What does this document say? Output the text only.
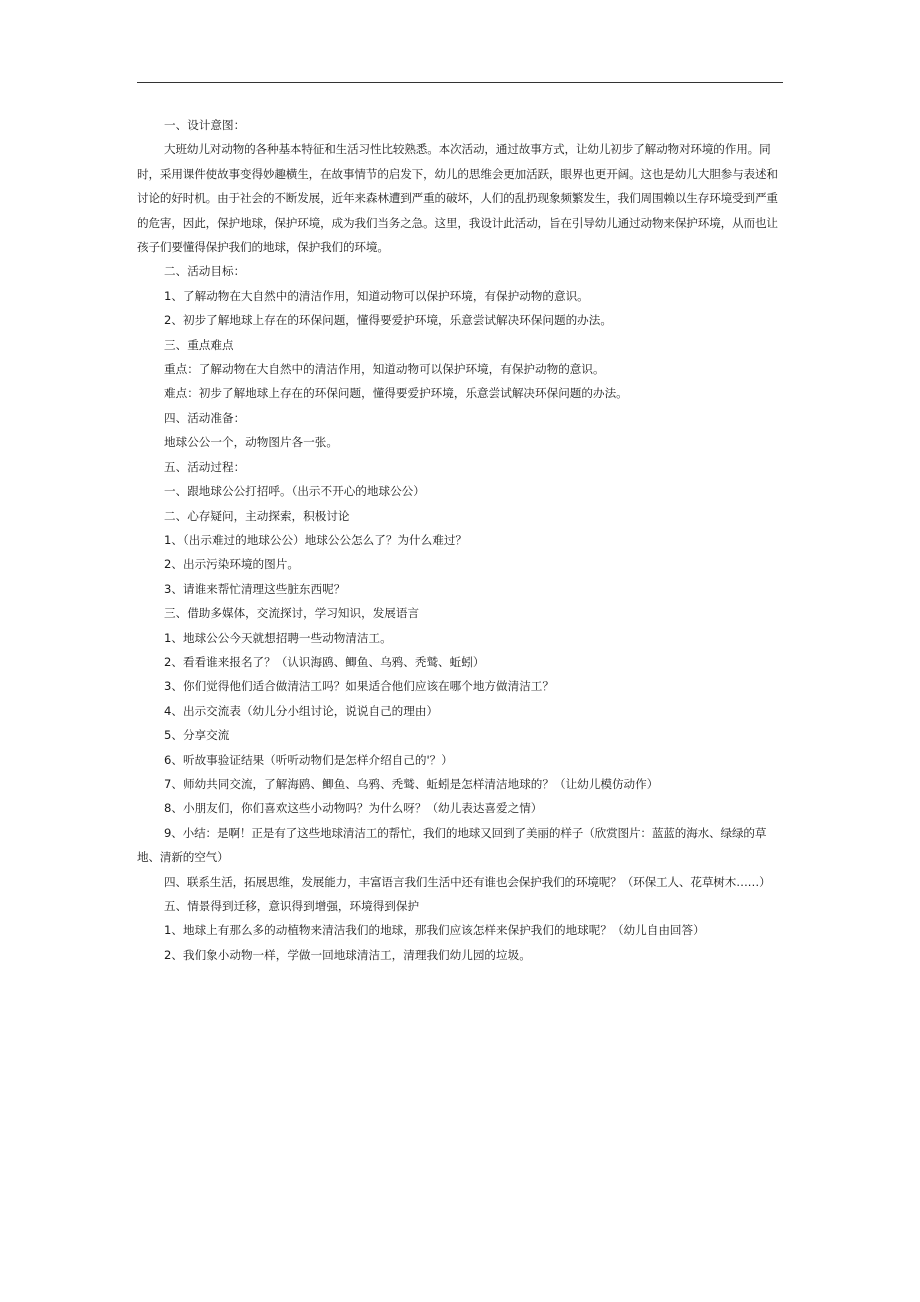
一、设计意图：

大班幼儿对动物的各种基本特征和生活习性比较熟悉。本次活动，通过故事方式，让幼儿初步了解动物对环境的作用。同时，采用课件使故事变得妙趣横生，在故事情节的启发下，幼儿的思维会更加活跃，眼界也更开阔。这也是幼儿大胆参与表述和讨论的好时机。由于社会的不断发展，近年来森林遭到严重的破坏，人们的乱扔现象频繁发生，我们周围赖以生存环境受到严重的危害，因此，保护地球，保护环境，成为我们当务之急。这里，我设计此活动，旨在引导幼儿通过动物来保护环境，从而也让孩子们要懂得保护我们的地球，保护我们的环境。

二、活动目标：

1、了解动物在大自然中的清洁作用，知道动物可以保护环境，有保护动物的意识。

2、初步了解地球上存在的环保问题，懂得要爱护环境，乐意尝试解决环保问题的办法。

三、重点难点

重点：了解动物在大自然中的清洁作用，知道动物可以保护环境，有保护动物的意识。

难点：初步了解地球上存在的环保问题，懂得要爱护环境，乐意尝试解决环保问题的办法。

四、活动准备：

地球公公一个，动物图片各一张。

五、活动过程：

一、跟地球公公打招呼。（出示不开心的地球公公）

二、心存疑问，主动探索，积极讨论

1、（出示难过的地球公公）地球公公怎么了？为什么难过？

2、出示污染环境的图片。

3、请谁来帮忙清理这些脏东西呢？

三、借助多媒体，交流探讨，学习知识，发展语言

1、地球公公今天就想招聘一些动物清洁工。

2、看看谁来报名了？（认识海鸥、鲫鱼、乌鸦、秃鹫、蚯蚓）

3、你们觉得他们适合做清洁工吗？如果适合他们应该在哪个地方做清洁工？

4、出示交流表（幼儿分小组讨论，说说自己的理由）

5、分享交流

6、听故事验证结果（听听动物们是怎样介绍自己的'？）

7、师幼共同交流，了解海鸥、鲫鱼、乌鸦、秃鹫、蚯蚓是怎样清洁地球的？（让幼儿模仿动作）

8、小朋友们，你们喜欢这些小动物吗？为什么呀？（幼儿表达喜爱之情）

9、小结：是啊！正是有了这些地球清洁工的帮忙，我们的地球又回到了美丽的样子（欣赏图片：蓝蓝的海水、绿绿的草地、清新的空气）

四、联系生活，拓展思维，发展能力，丰富语言我们生活中还有谁也会保护我们的环境呢？（环保工人、花草树木……）

五、情景得到迁移，意识得到增强，环境得到保护

1、地球上有那么多的动植物来清洁我们的地球，那我们应该怎样来保护我们的地球呢？（幼儿自由回答）

2、我们象小动物一样，学做一回地球清洁工，清理我们幼儿园的垃圾。
